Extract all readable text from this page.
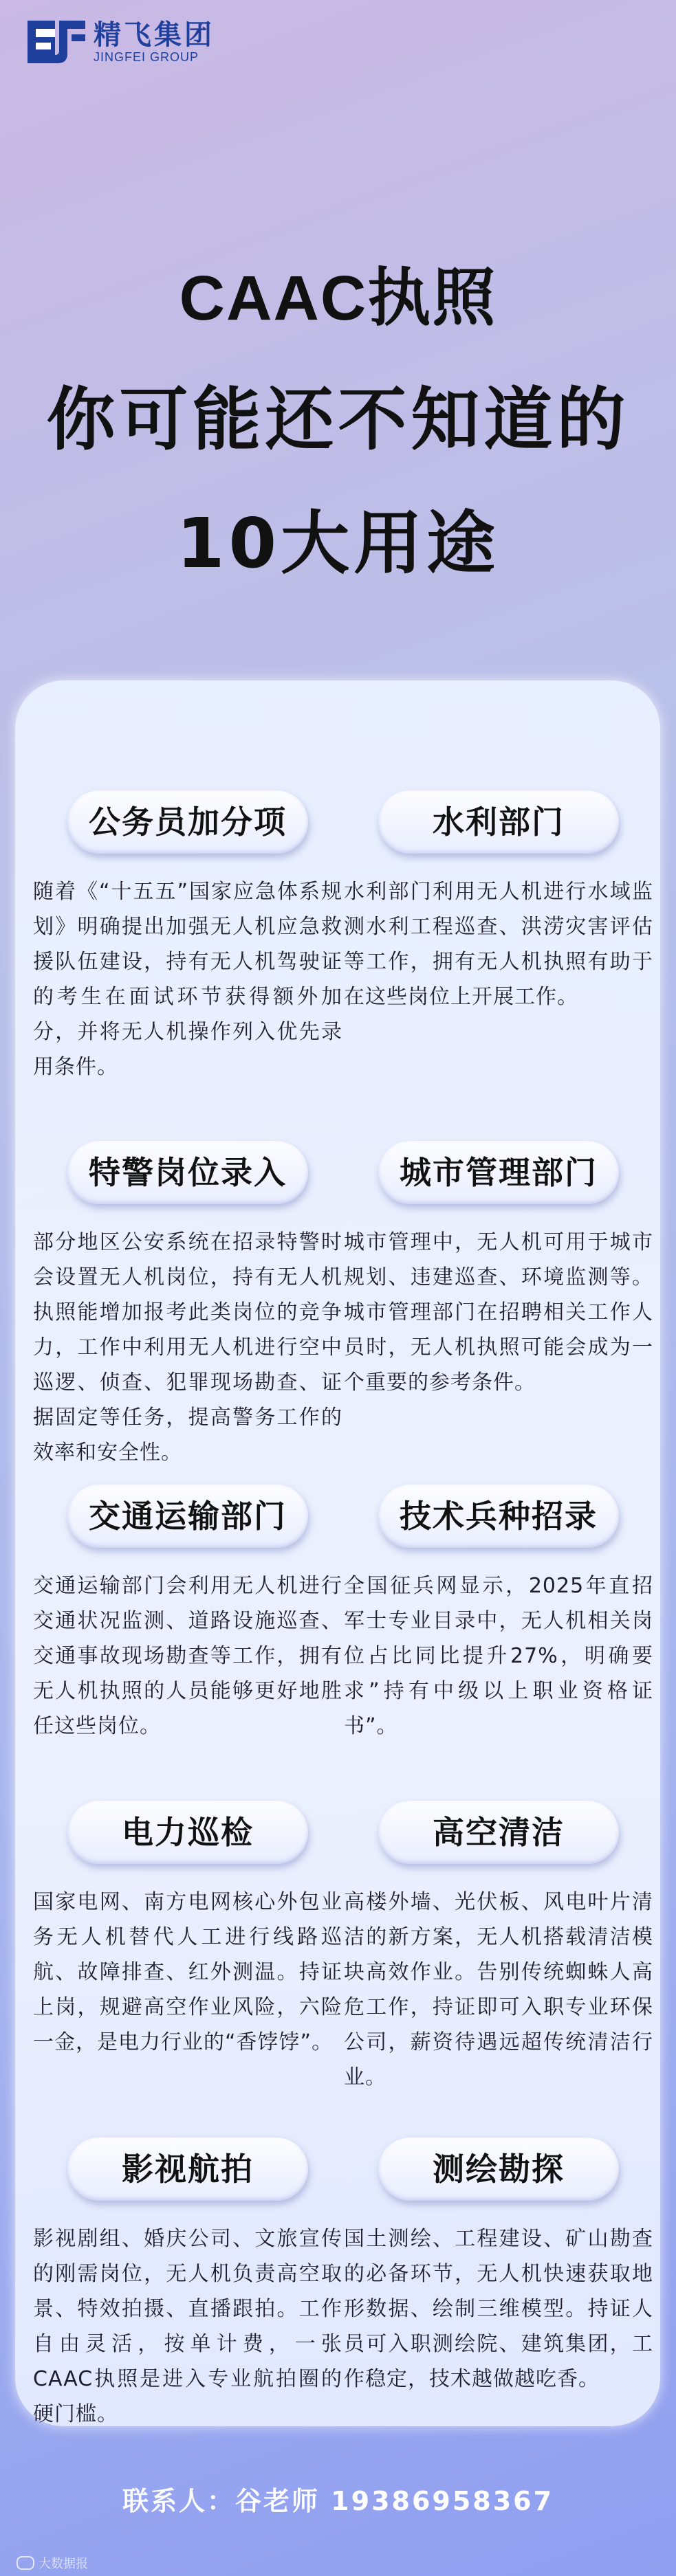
精飞集团
JINGFEI GROUP
CAAC执照
你可能还不知道的
10大用途
公务员加分项
随着《“十五五”国家应急体系规划》明确提出加强无人机应急救援队伍建设，持有无人机驾驶证的考生在面试环节获得额外加分，并将无人机操作列入优先录用条件。
水利部门
水利部门利用无人机进行水域监测水利工程巡查、洪涝灾害评估等工作，拥有无人机执照有助于在这些岗位上开展工作。
特警岗位录入
部分地区公安系统在招录特警时会设置无人机岗位，持有无人机执照能增加报考此类岗位的竞争力，工作中利用无人机进行空中巡逻、侦查、犯罪现场勘查、证据固定等任务，提高警务工作的效率和安全性。
城市管理部门
城市管理中，无人机可用于城市规划、违建巡查、环境监测等。城市管理部门在招聘相关工作人员时，无人机执照可能会成为一个重要的参考条件。
交通运输部门
交通运输部门会利用无人机进行交通状况监测、道路设施巡查、交通事故现场勘查等工作，拥有无人机执照的人员能够更好地胜任这些岗位。
技术兵种招录
全国征兵网显示，2025年直招军士专业目录中，无人机相关岗位占比同比提升27%，明确要求”持有中级以上职业资格证书”。
电力巡检
国家电网、南方电网核心外包业务无人机替代人工进行线路巡航、故障排查、红外测温。持证上岗，规避高空作业风险，六险一金，是电力行业的“香饽饽”。
高空清洁
高楼外墙、光伏板、风电叶片清洁的新方案，无人机搭载清洁模块高效作业。告别传统蜘蛛人高危工作，持证即可入职专业环保公司，薪资待遇远超传统清洁行业。
影视航拍
影视剧组、婚庆公司、文旅宣传的刚需岗位，无人机负责高空取景、特效拍摄、直播跟拍。工作自由灵活，按单计费，一张CAAC执照是进入专业航拍圈的硬门槛。
测绘勘探
国土测绘、工程建设、矿山勘查的必备环节，无人机快速获取地形数据、绘制三维模型。持证人员可入职测绘院、建筑集团，工作稳定，技术越做越吃香。
联系人：谷老师 19386958367
大数据报
